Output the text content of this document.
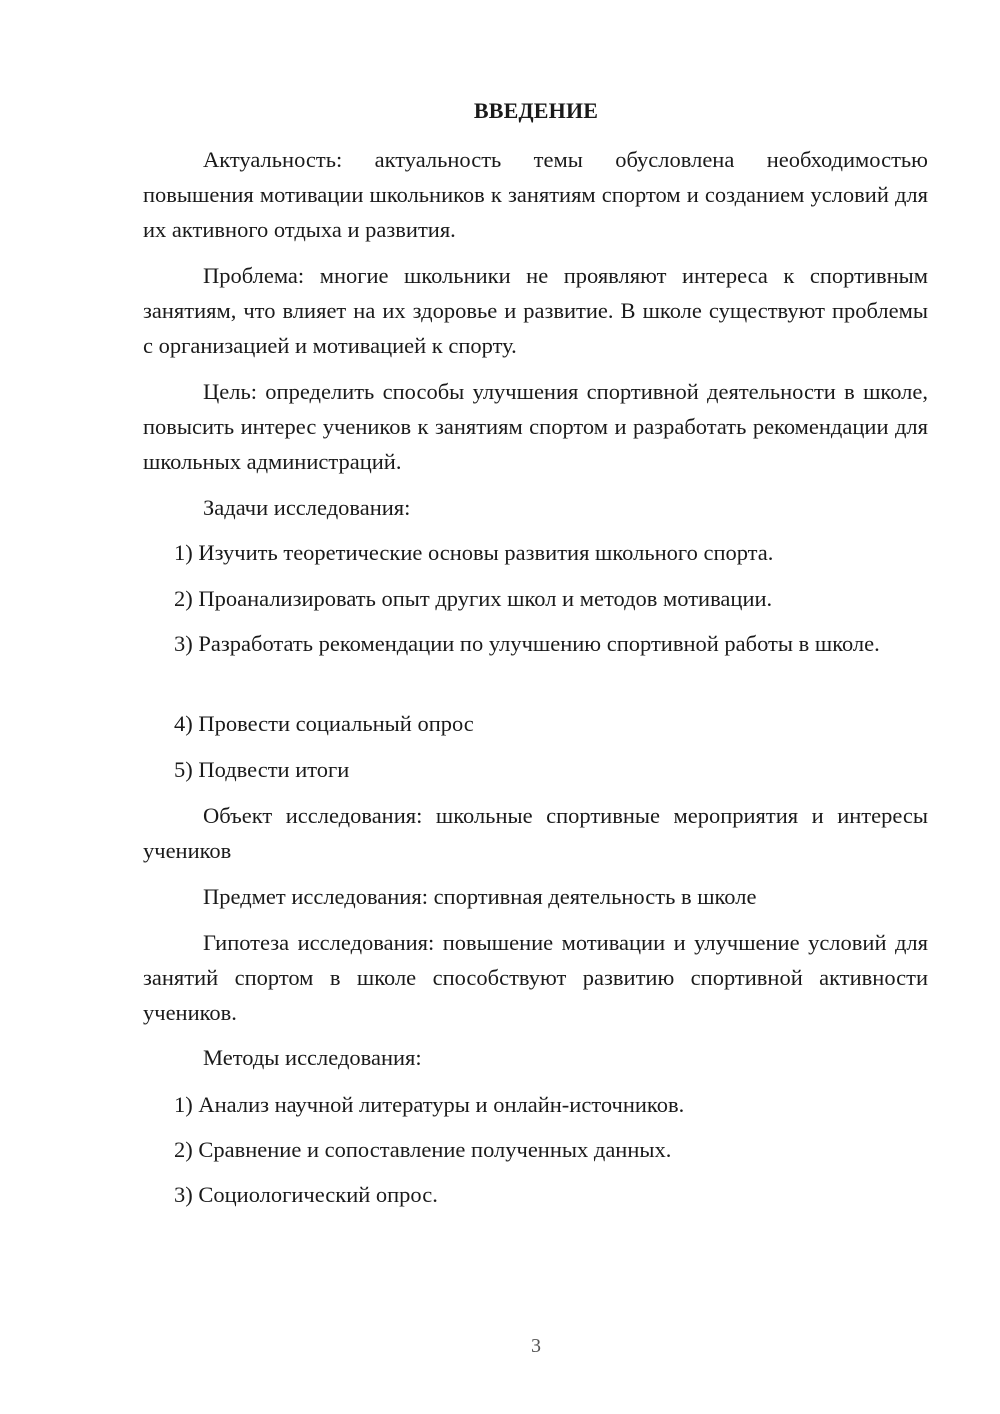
ВВЕДЕНИЕ

Актуальность: актуальность темы обусловлена необходимостью повышения мотивации школьников к занятиям спортом и созданием условий для их активного отдыха и развития.

Проблема: многие школьники не проявляют интереса к спортивным занятиям, что влияет на их здоровье и развитие. В школе существуют проблемы с организацией и мотивацией к спорту.

Цель: определить способы улучшения спортивной деятельности в школе, повысить интерес учеников к занятиям спортом и разработать рекомендации для школьных администраций.

Задачи исследования:

1) Изучить теоретические основы развития школьного спорта.

2) Проанализировать опыт других школ и методов мотивации.

3) Разработать рекомендации по улучшению спортивной работы в школе.

4) Провести социальный опрос

5) Подвести итоги

Объект исследования: школьные спортивные мероприятия и интересы учеников

Предмет исследования: спортивная деятельность в школе

Гипотеза исследования: повышение мотивации и улучшение условий для занятий спортом в школе способствуют развитию спортивной активности учеников.

Методы исследования:

1) Анализ научной литературы и онлайн-источников.

2) Сравнение и сопоставление полученных данных.

3) Социологический опрос.

3
